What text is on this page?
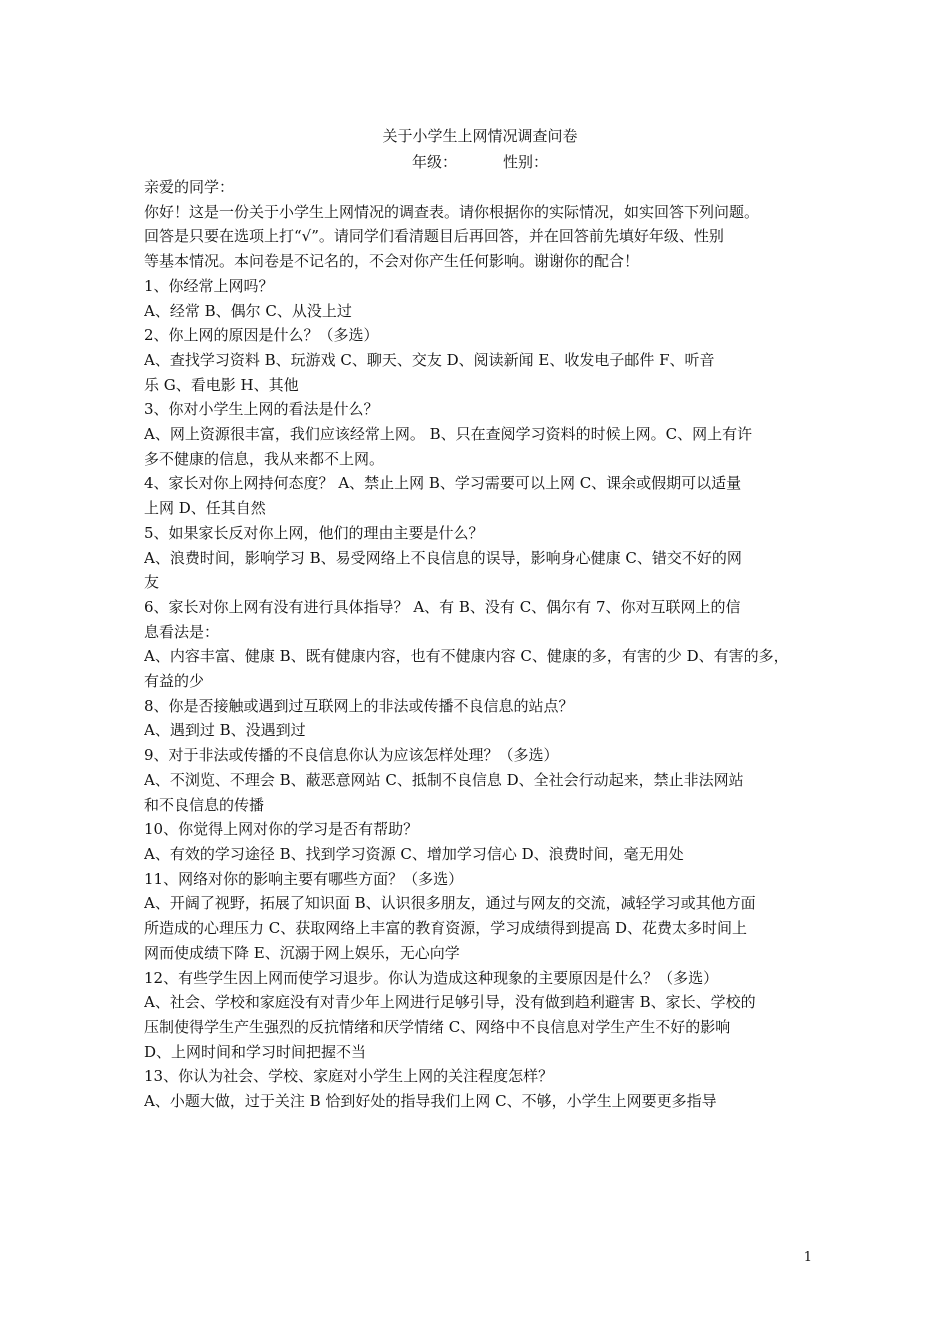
关于小学生上网情况调查问卷
年级：	性别：
亲爱的同学：
你好！这是一份关于小学生上网情况的调查表。请你根据你的实际情况，如实回答下列问题。
回答是只要在选项上打“√”。请同学们看清题目后再回答，并在回答前先填好年级、性别
等基本情况。本问卷是不记名的，不会对你产生任何影响。谢谢你的配合！
1、你经常上网吗？
A、经常 B、偶尔 C、从没上过
2、你上网的原因是什么？（多选）
A、查找学习资料 B、玩游戏 C、聊天、交友 D、阅读新闻 E、收发电子邮件 F、听音
乐 G、看电影 H、其他
3、你对小学生上网的看法是什么？
A、网上资源很丰富，我们应该经常上网。 B、只在查阅学习资料的时候上网。C、网上有许
多不健康的信息，我从来都不上网。
4、家长对你上网持何态度？ A、禁止上网 B、学习需要可以上网 C、课余或假期可以适量
上网 D、任其自然
5、如果家长反对你上网，他们的理由主要是什么？
A、浪费时间，影响学习 B、易受网络上不良信息的误导，影响身心健康 C、错交不好的网
友
6、家长对你上网有没有进行具体指导？ A、有 B、没有 C、偶尔有 7、你对互联网上的信
息看法是：
A、内容丰富、健康 B、既有健康内容，也有不健康内容 C、健康的多，有害的少 D、有害的多，
有益的少
8、你是否接触或遇到过互联网上的非法或传播不良信息的站点？
A、遇到过 B、没遇到过
9、对于非法或传播的不良信息你认为应该怎样处理？（多选）
A、不浏览、不理会 B、蔽恶意网站 C、抵制不良信息 D、全社会行动起来，禁止非法网站
和不良信息的传播
10、你觉得上网对你的学习是否有帮助？
A、有效的学习途径 B、找到学习资源 C、增加学习信心 D、浪费时间，毫无用处
11、网络对你的影响主要有哪些方面？（多选）
A、开阔了视野，拓展了知识面 B、认识很多朋友，通过与网友的交流，减轻学习或其他方面
所造成的心理压力 C、获取网络上丰富的教育资源，学习成绩得到提高 D、花费太多时间上
网而使成绩下降 E、沉溺于网上娱乐，无心向学
12、有些学生因上网而使学习退步。你认为造成这种现象的主要原因是什么？（多选）
A、社会、学校和家庭没有对青少年上网进行足够引导，没有做到趋利避害 B、家长、学校的
压制使得学生产生强烈的反抗情绪和厌学情绪 C、网络中不良信息对学生产生不好的影响
D、上网时间和学习时间把握不当
13、你认为社会、学校、家庭对小学生上网的关注程度怎样？
A、小题大做，过于关注 B 恰到好处的指导我们上网 C、不够，小学生上网要更多指导
1
